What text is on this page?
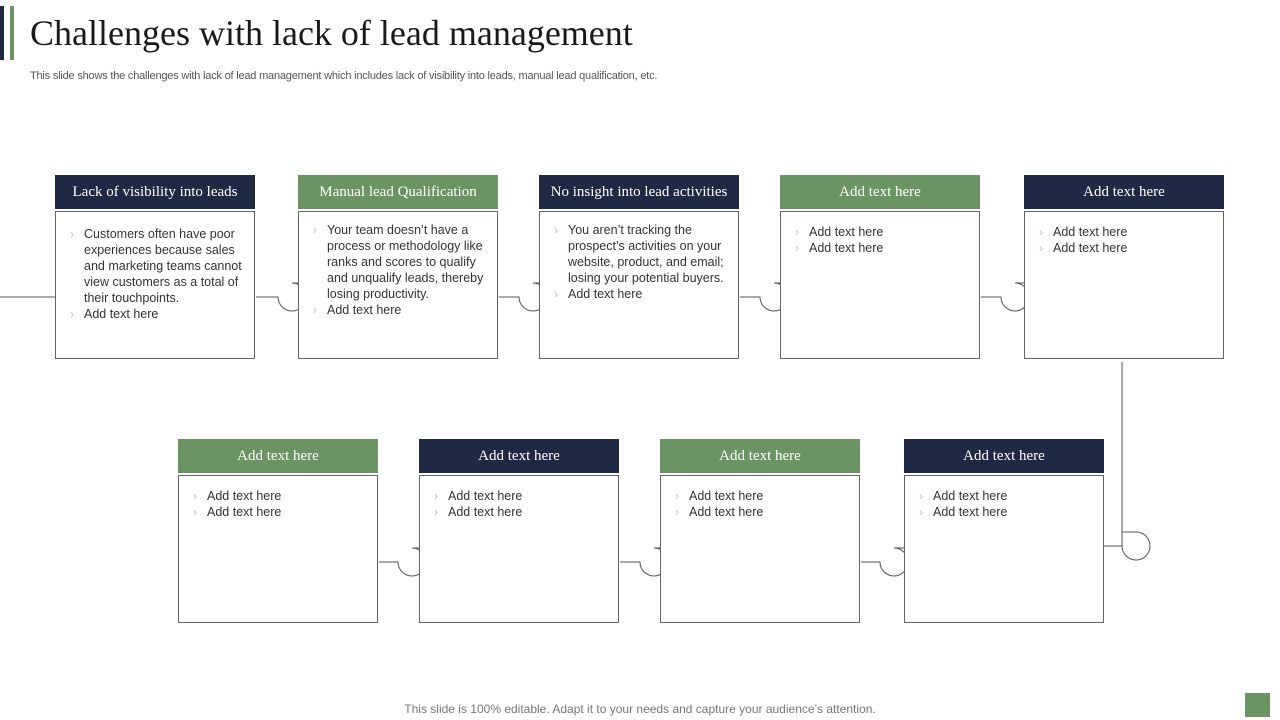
Challenges with lack of lead management
This slide shows the challenges with lack of lead management which includes lack of visibility into leads, manual lead qualification, etc.
Lack of visibility into leads
› Customers often have poor experiences because sales and marketing teams cannot view customers as a total of their touchpoints.
› Add text here
Manual lead Qualification
› Your team doesn’t have a process or methodology like ranks and scores to qualify and unqualify leads, thereby losing productivity.
› Add text here
No insight into lead activities
› You aren’t tracking the prospect’s activities on your website, product, and email; losing your potential buyers.
› Add text here
Add text here
› Add text here
› Add text here
Add text here
› Add text here
› Add text here
Add text here
› Add text here
› Add text here
Add text here
› Add text here
› Add text here
Add text here
› Add text here
› Add text here
Add text here
› Add text here
› Add text here
This slide is 100% editable. Adapt it to your needs and capture your audience’s attention.
